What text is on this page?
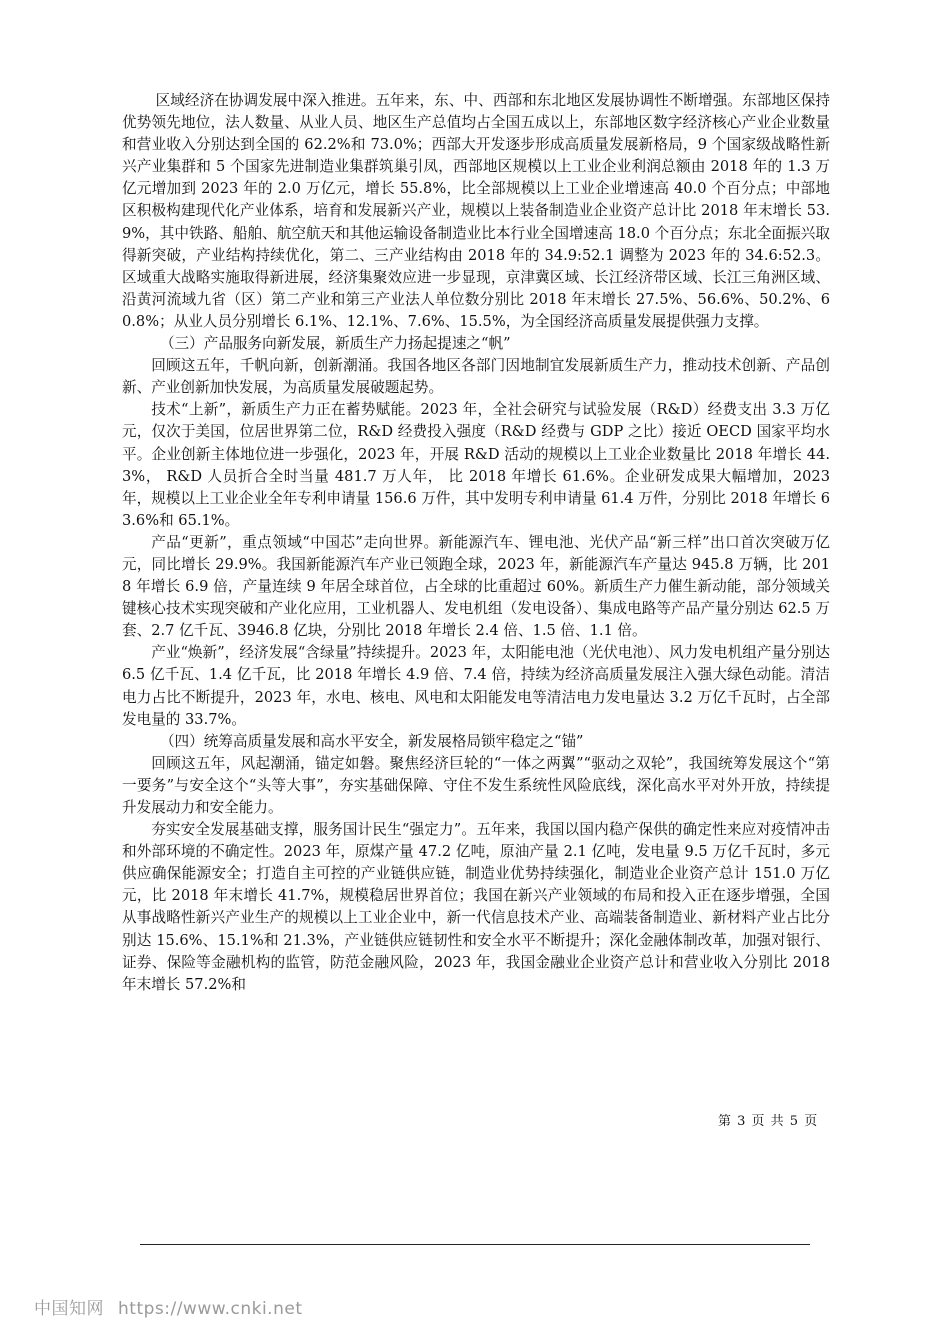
区域经济在协调发展中深入推进。五年来，东、中、西部和东北地区发展协调性不断增强。东部地区保持优势领先地位，法人数量、从业人员、地区生产总值均占全国五成以上，东部地区数字经济核心产业企业数量和营业收入分别达到全国的 62.2%和 73.0%；西部大开发逐步形成高质量发展新格局，9 个国家级战略性新兴产业集群和 5 个国家先进制造业集群筑巢引凤，西部地区规模以上工业企业利润总额由 2018 年的 1.3 万亿元增加到 2023 年的 2.0 万亿元，增长 55.8%，比全部规模以上工业企业增速高 40.0 个百分点；中部地区积极构建现代化产业体系，培育和发展新兴产业，规模以上装备制造业企业资产总计比 2018 年末增长 53.9%，其中铁路、船舶、航空航天和其他运输设备制造业比本行业全国增速高 18.0 个百分点；东北全面振兴取得新突破，产业结构持续优化，第二、三产业结构由 2018 年的 34.9:52.1 调整为 2023 年的 34.6:52.3。区域重大战略实施取得新进展，经济集聚效应进一步显现，京津冀区域、长江经济带区域、长江三角洲区域、沿黄河流域九省（区）第二产业和第三产业法人单位数分别比 2018 年末增长 27.5%、56.6%、50.2%、60.8%；从业人员分别增长 6.1%、12.1%、7.6%、15.5%，为全国经济高质量发展提供强力支撑。

（三）产品服务向新发展，新质生产力扬起提速之“帆”

回顾这五年，千帆向新，创新潮涌。我国各地区各部门因地制宜发展新质生产力，推动技术创新、产品创新、产业创新加快发展，为高质量发展破题起势。

技术“上新”，新质生产力正在蓄势赋能。2023 年，全社会研究与试验发展（R&D）经费支出 3.3 万亿元，仅次于美国，位居世界第二位，R&D 经费投入强度（R&D 经费与 GDP 之比）接近 OECD 国家平均水平。企业创新主体地位进一步强化，2023 年，开展 R&D 活动的规模以上工业企业数量比 2018 年增长 44.3%， R&D 人员折合全时当量 481.7 万人年， 比 2018 年增长 61.6%。企业研发成果大幅增加，2023 年，规模以上工业企业全年专利申请量 156.6 万件，其中发明专利申请量 61.4 万件，分别比 2018 年增长 63.6%和 65.1%。

产品“更新”，重点领域“中国芯”走向世界。新能源汽车、锂电池、光伏产品“新三样”出口首次突破万亿元，同比增长 29.9%。我国新能源汽车产业已领跑全球，2023 年，新能源汽车产量达 945.8 万辆，比 2018 年增长 6.9 倍，产量连续 9 年居全球首位，占全球的比重超过 60%。新质生产力催生新动能，部分领域关键核心技术实现突破和产业化应用，工业机器人、发电机组（发电设备）、集成电路等产品产量分别达 62.5 万套、2.7 亿千瓦、3946.8 亿块，分别比 2018 年增长 2.4 倍、1.5 倍、1.1 倍。

产业“焕新”，经济发展“含绿量”持续提升。2023 年，太阳能电池（光伏电池）、风力发电机组产量分别达 6.5 亿千瓦、1.4 亿千瓦，比 2018 年增长 4.9 倍、7.4 倍，持续为经济高质量发展注入强大绿色动能。清洁电力占比不断提升，2023 年，水电、核电、风电和太阳能发电等清洁电力发电量达 3.2 万亿千瓦时，占全部发电量的 33.7%。

（四）统筹高质量发展和高水平安全，新发展格局锁牢稳定之“锚”

回顾这五年，风起潮涌，锚定如磐。聚焦经济巨轮的“一体之两翼”“驱动之双轮”，我国统筹发展这个“第一要务”与安全这个“头等大事”，夯实基础保障、守住不发生系统性风险底线，深化高水平对外开放，持续提升发展动力和安全能力。

夯实安全发展基础支撑，服务国计民生“强定力”。五年来，我国以国内稳产保供的确定性来应对疫情冲击和外部环境的不确定性。2023 年，原煤产量 47.2 亿吨，原油产量 2.1 亿吨，发电量 9.5 万亿千瓦时，多元供应确保能源安全；打造自主可控的产业链供应链，制造业优势持续强化，制造业企业资产总计 151.0 万亿元，比 2018 年末增长 41.7%，规模稳居世界首位；我国在新兴产业领域的布局和投入正在逐步增强，全国从事战略性新兴产业生产的规模以上工业企业中，新一代信息技术产业、高端装备制造业、新材料产业占比分别达 15.6%、15.1%和 21.3%，产业链供应链韧性和安全水平不断提升；深化金融体制改革，加强对银行、证券、保险等金融机构的监管，防范金融风险，2023 年，我国金融业企业资产总计和营业收入分别比 2018 年末增长 57.2%和

第 3 页 共 5 页
中国知网 https://www.cnki.net
